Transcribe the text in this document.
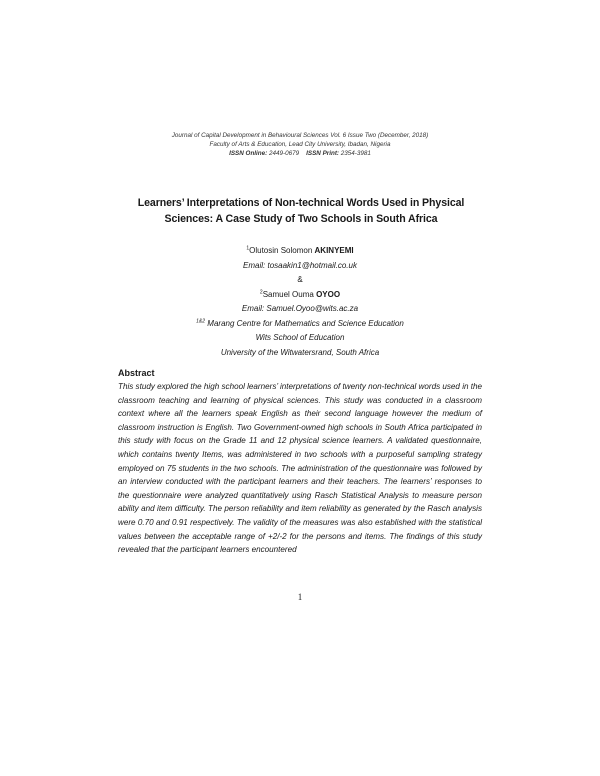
Journal of Capital Development in Behavioural Sciences Vol. 6 Issue Two (December, 2018)
Faculty of Arts & Education, Lead City University, Ibadan, Nigeria
ISSN Online: 2449-0679 ISSN Print: 2354-3981
Learners’ Interpretations of Non-technical Words Used in Physical Sciences: A Case Study of Two Schools in South Africa
$^1$Olutosin Solomon AKINYEMI
Email: tosaakin1@hotmail.co.uk
&
$^2$Samuel Ouma OYOO
Email: Samuel.Oyoo@wits.ac.za
$^{1\&2}$ Marang Centre for Mathematics and Science Education
Wits School of Education
University of the Witwatersrand, South Africa
Abstract
This study explored the high school learners’ interpretations of twenty non-technical words used in the classroom teaching and learning of physical sciences. This study was conducted in a classroom context where all the learners speak English as their second language however the medium of classroom instruction is English. Two Government-owned high schools in South Africa participated in this study with focus on the Grade 11 and 12 physical science learners. A validated questionnaire, which contains twenty Items, was administered in two schools with a purposeful sampling strategy employed on 75 students in the two schools. The administration of the questionnaire was followed by an interview conducted with the participant learners and their teachers. The learners’ responses to the questionnaire were analyzed quantitatively using Rasch Statistical Analysis to measure person ability and item difficulty. The person reliability and item reliability as generated by the Rasch analysis were 0.70 and 0.91 respectively. The validity of the measures was also established with the statistical values between the acceptable range of +2/-2 for the persons and items. The findings of this study revealed that the participant learners encountered
1
